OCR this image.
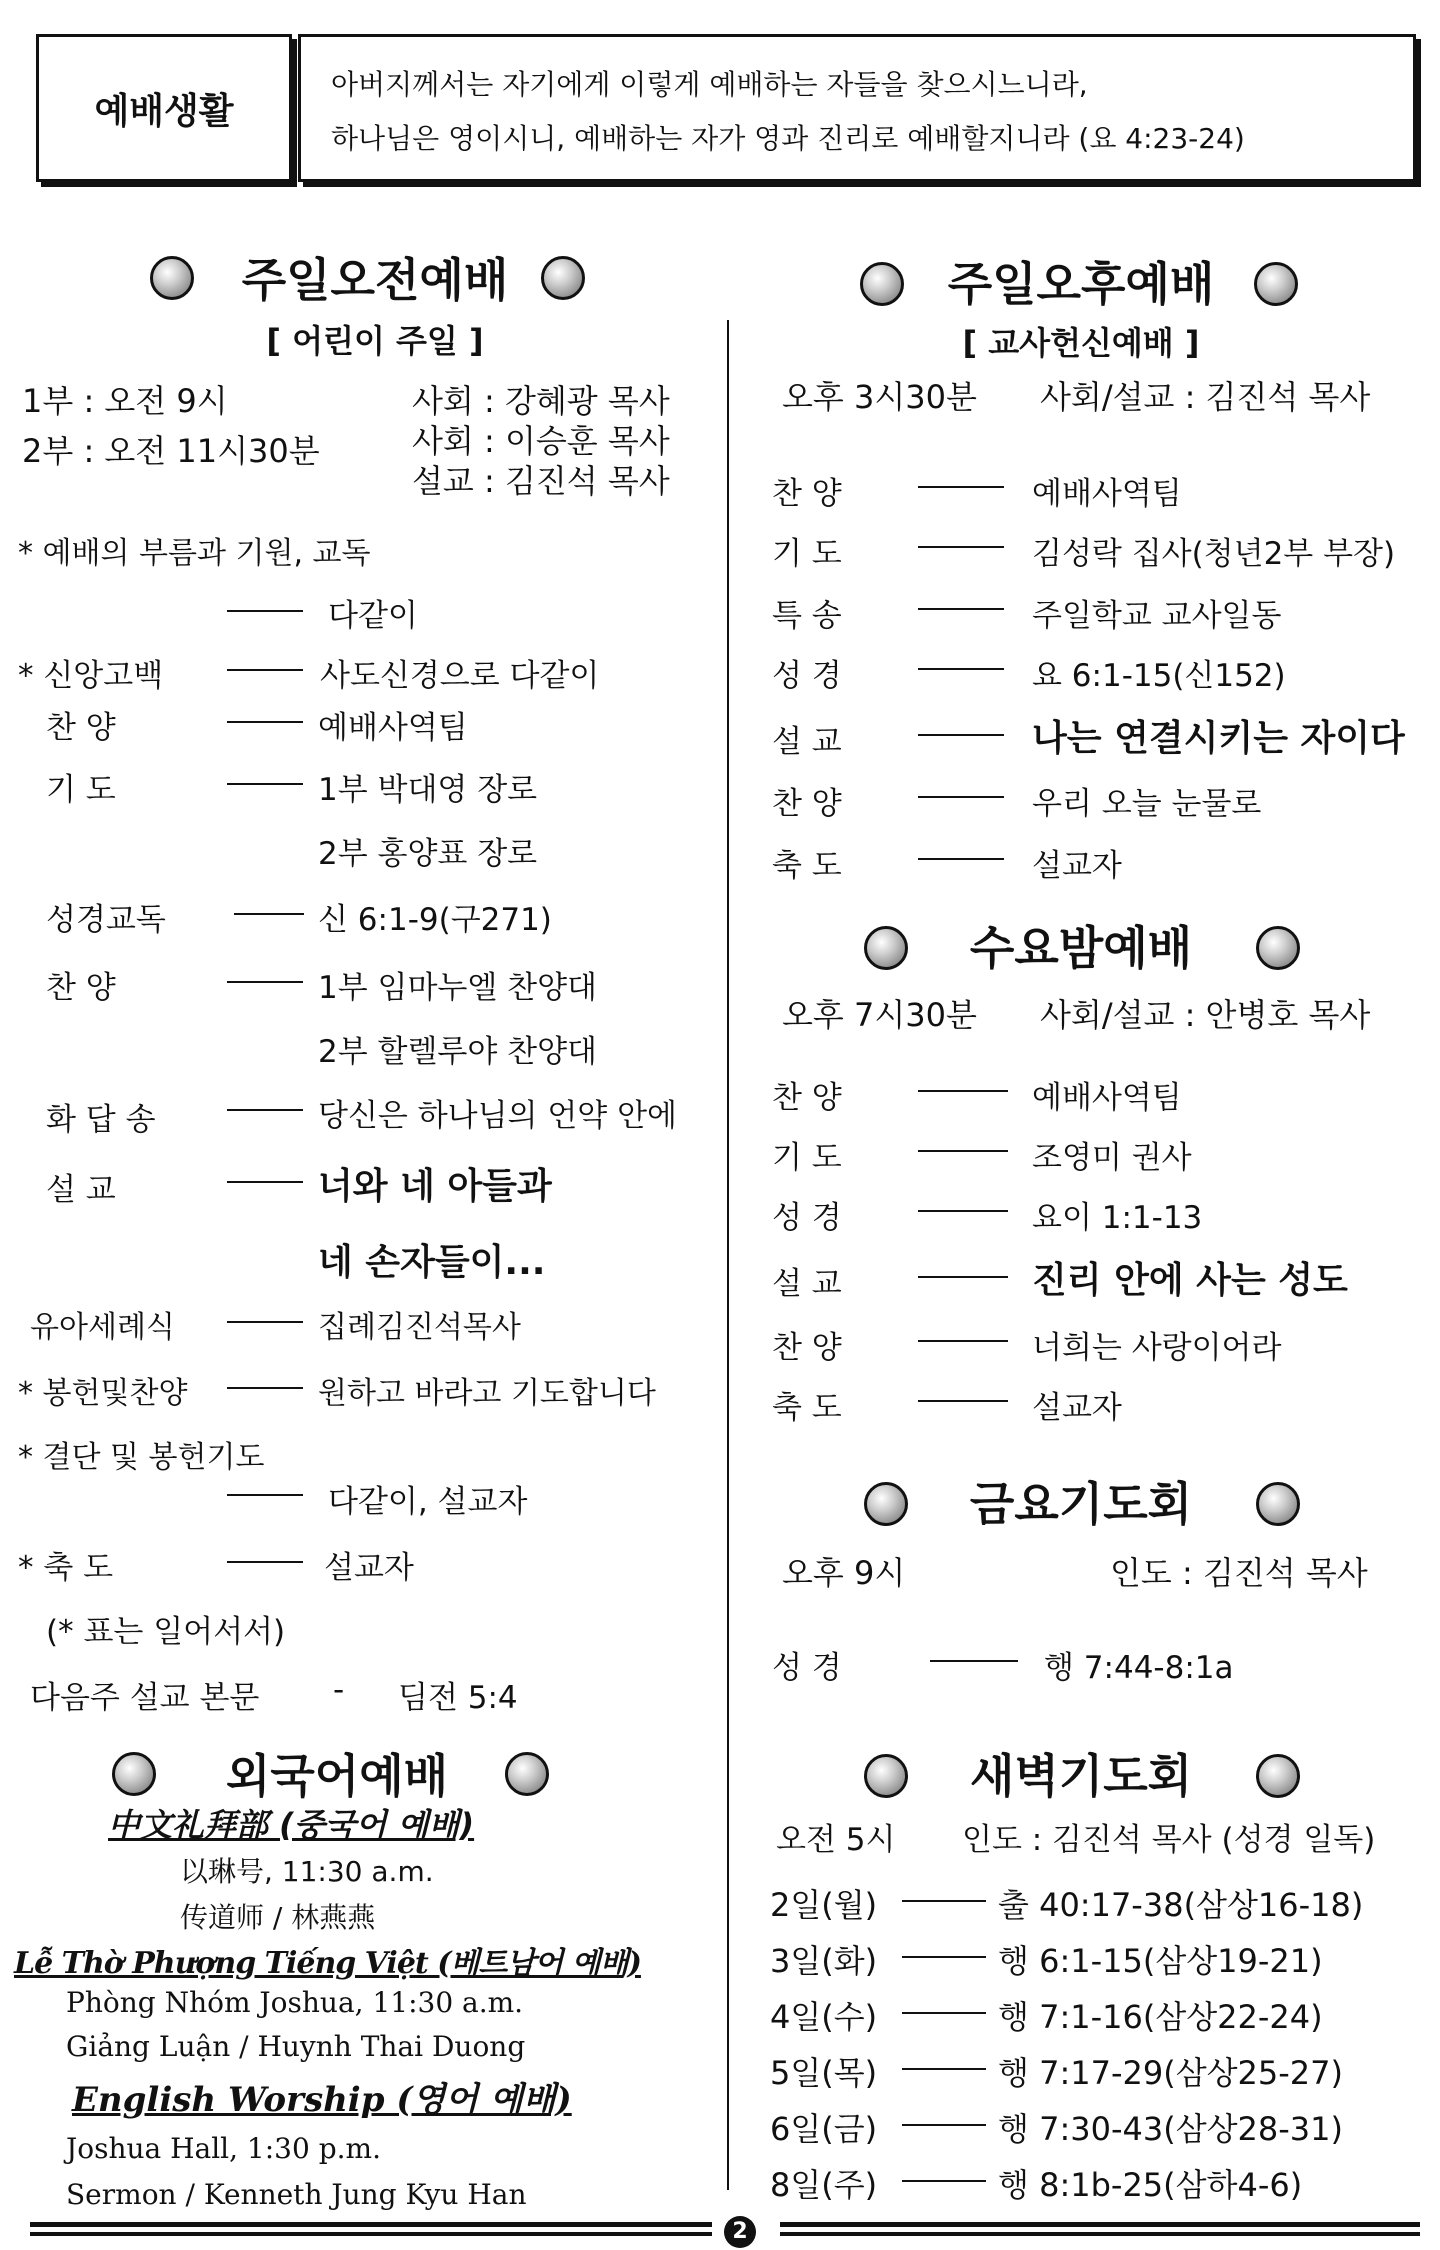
예배생활
아버지께서는 자기에게 이렇게 예배하는 자들을 찾으시느니라,
하나님은 영이시니, 예배하는 자가 영과 진리로 예배할지니라 (요 4:23-24)
주일오전예배
[ 어린이 주일 ]
1부 : 오전 9시
2부 : 오전 11시30분
사회 : 강혜광 목사
사회 : 이승훈 목사
설교 : 김진석 목사
* 예배의 부름과 기원, 교독
다같이
* 신앙고백	사도신경으로 다같이
찬 양	예배사역팀
기 도	1부 박대영 장로
2부 홍양표 장로
성경교독	신 6:1-9(구271)
찬 양	1부 임마누엘 찬양대
2부 할렐루야 찬양대
화 답 송	당신은 하나님의 언약 안에
설 교	너와 네 아들과
네 손자들이...
유아세례식	집례김진석목사
* 봉헌및찬양	원하고 바라고 기도합니다
* 결단 및 봉헌기도
다같이, 설교자
* 축 도	설교자
(* 표는 일어서서)
다음주 설교 본문 - 딤전 5:4
외국어예배
中文礼拜部 (중국어 예배)
以琳号, 11:30 a.m.
传道师 / 林燕燕
Lễ Thờ Phượng Tiếng Việt (베트남어 예배)
Phòng Nhóm Joshua, 11:30 a.m.
Giảng Luận / Huynh Thai Duong
English Worship (영어 예배)
Joshua Hall, 1:30 p.m.
Sermon / Kenneth Jung Kyu Han
주일오후예배
[ 교사헌신예배 ]
오후 3시30분 사회/설교 : 김진석 목사
찬 양	예배사역팀
기 도	김성락 집사(청년2부 부장)
특 송	주일학교 교사일동
성 경	요 6:1-15(신152)
설 교	나는 연결시키는 자이다
찬 양	우리 오늘 눈물로
축 도	설교자
수요밤예배
오후 7시30분 사회/설교 : 안병호 목사
찬 양	예배사역팀
기 도	조영미 권사
성 경	요이 1:1-13
설 교	진리 안에 사는 성도
찬 양	너희는 사랑이어라
축 도	설교자
금요기도회
오후 9시	인도 : 김진석 목사
성 경	행 7:44-8:1a
새벽기도회
오전 5시 인도 : 김진석 목사 (성경 일독)
2일(월)	출 40:17-38(삼상16-18)
3일(화)	행 6:1-15(삼상19-21)
4일(수)	행 7:1-16(삼상22-24)
5일(목)	행 7:17-29(삼상25-27)
6일(금)	행 7:30-43(삼상28-31)
8일(주)	행 8:1b-25(삼하4-6)
2
